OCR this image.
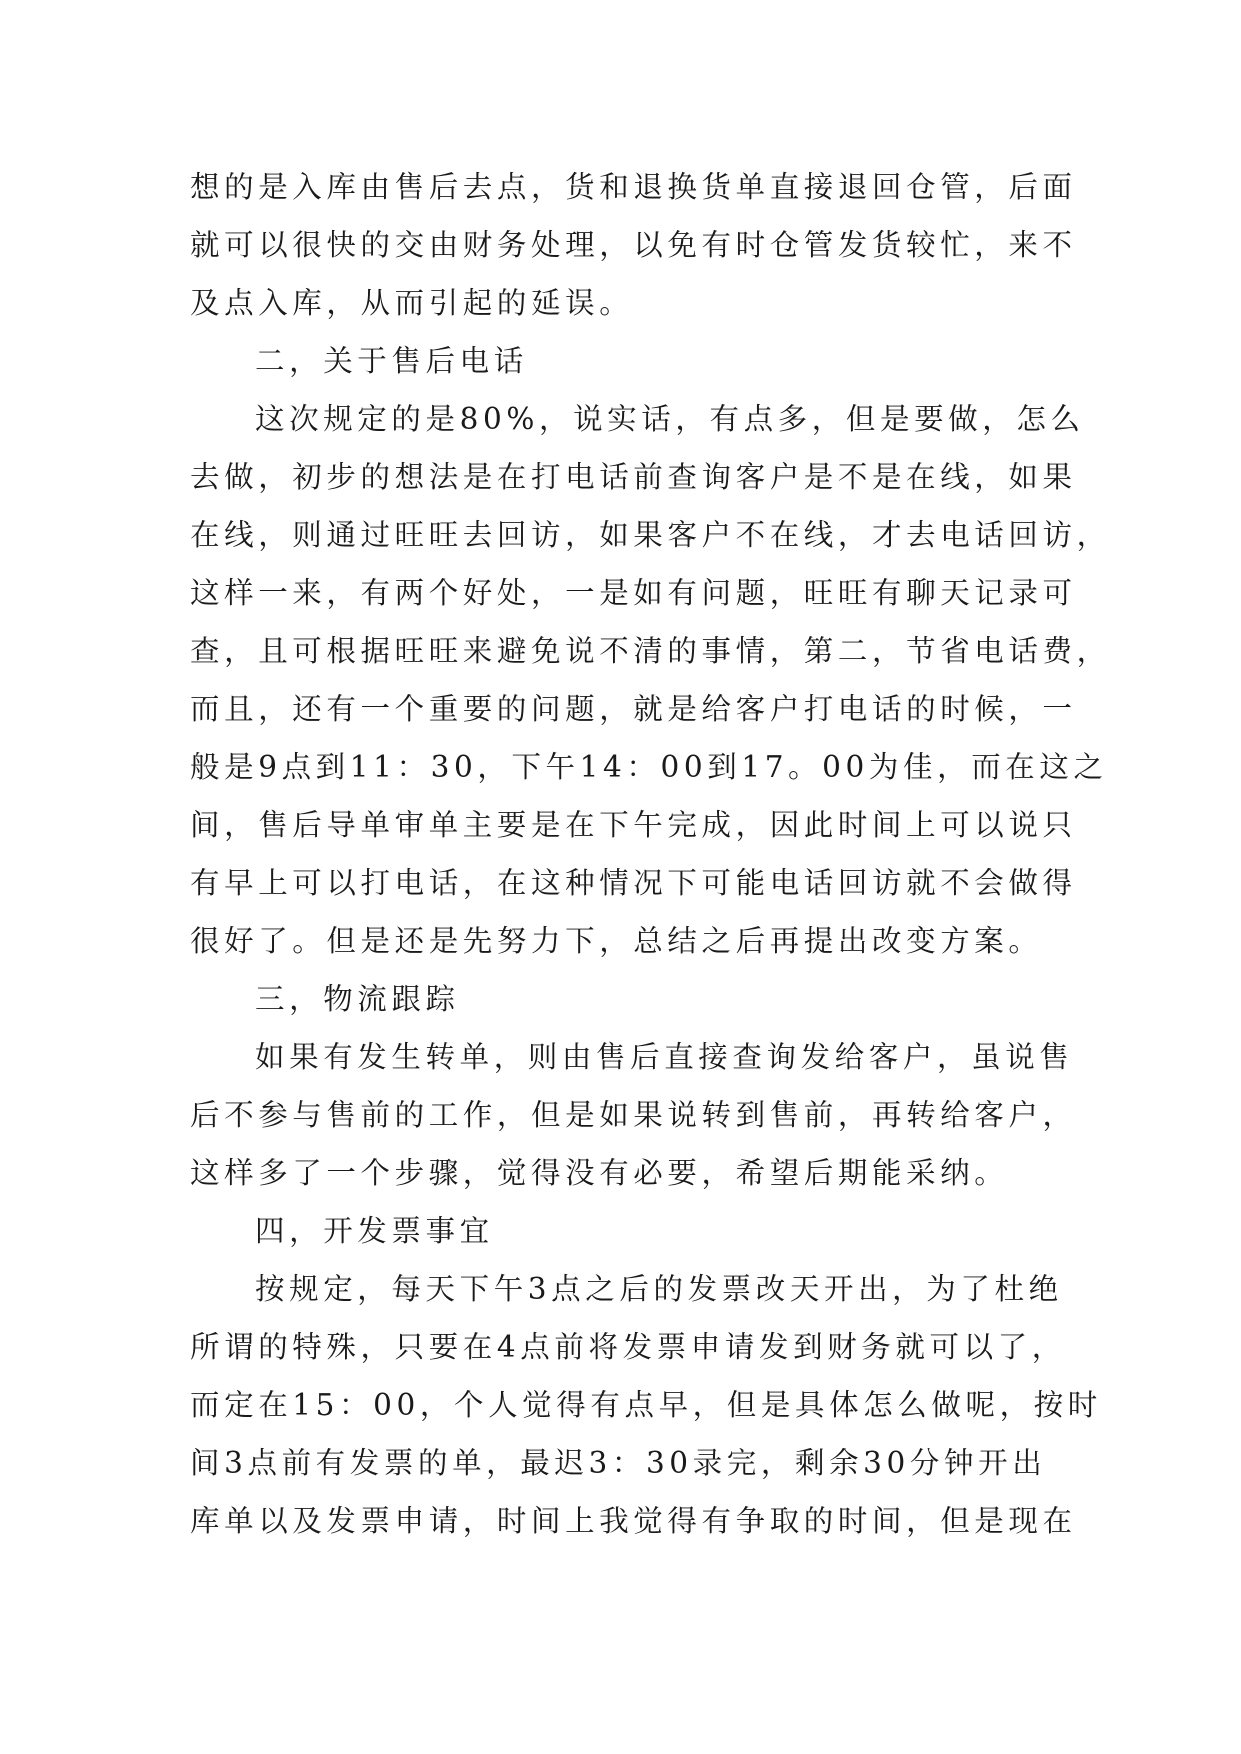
想的是入库由售后去点，货和退换货单直接退回仓管，后面
就可以很快的交由财务处理，以免有时仓管发货较忙，来不
及点入库，从而引起的延误。
二，关于售后电话
这次规定的是80%，说实话，有点多，但是要做，怎么
去做，初步的想法是在打电话前查询客户是不是在线，如果
在线，则通过旺旺去回访，如果客户不在线，才去电话回访，
这样一来，有两个好处，一是如有问题，旺旺有聊天记录可
查，且可根据旺旺来避免说不清的事情，第二，节省电话费，
而且，还有一个重要的问题，就是给客户打电话的时候，一
般是9点到11：30，下午14：00到17。00为佳，而在这之
间，售后导单审单主要是在下午完成，因此时间上可以说只
有早上可以打电话，在这种情况下可能电话回访就不会做得
很好了。但是还是先努力下，总结之后再提出改变方案。
三，物流跟踪
如果有发生转单，则由售后直接查询发给客户，虽说售
后不参与售前的工作，但是如果说转到售前，再转给客户，
这样多了一个步骤，觉得没有必要，希望后期能采纳。
四，开发票事宜
按规定，每天下午3点之后的发票改天开出，为了杜绝
所谓的特殊，只要在4点前将发票申请发到财务就可以了，
而定在15：00，个人觉得有点早，但是具体怎么做呢，按时
间3点前有发票的单，最迟3：30录完，剩余30分钟开出
库单以及发票申请，时间上我觉得有争取的时间，但是现在
